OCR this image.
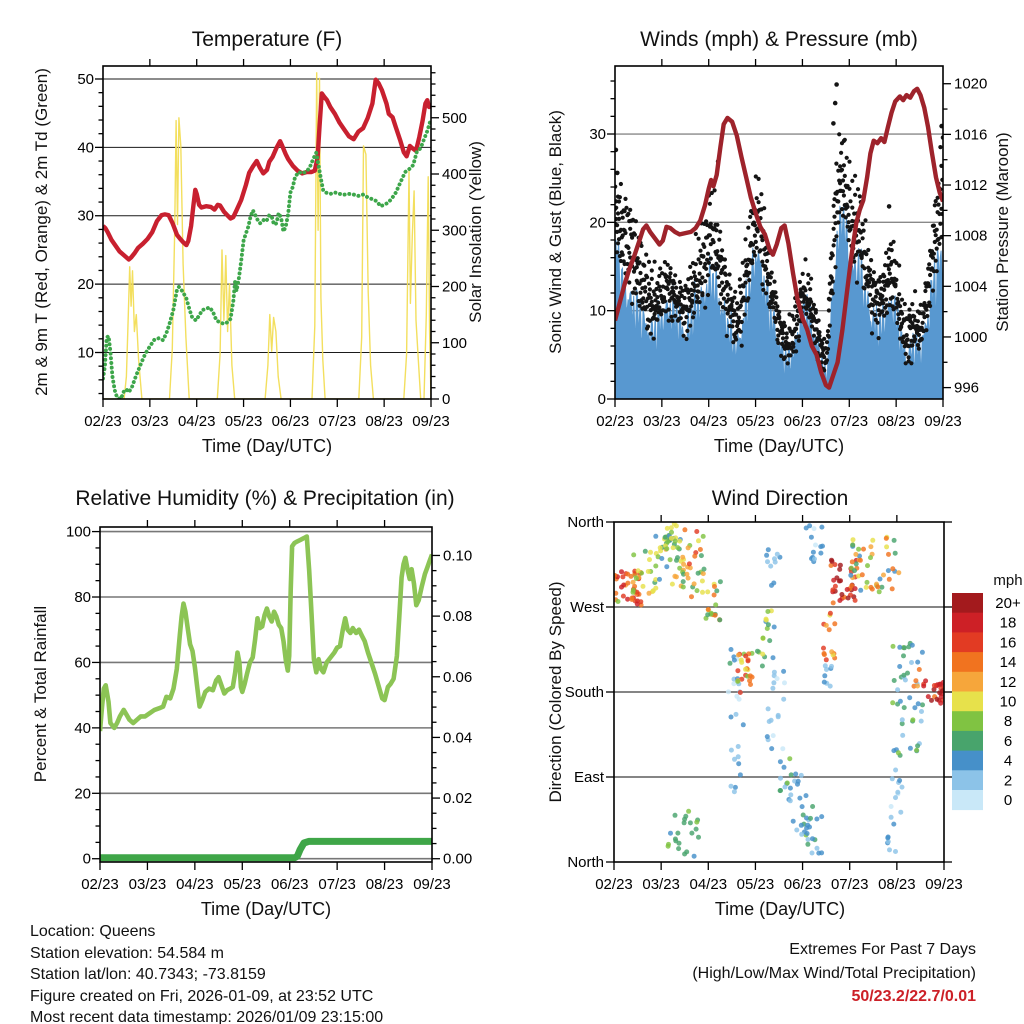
02/23 03/23 04/23 05/23 06/23 07/23 08/23 09/23
10
20
30
40
50
0
100
200
300
400
500
02/23 03/23 04/23 05/23 06/23 07/23 08/23 09/23
0
20
40
60
80
100
0.00
0.02
0.04
0.06
0.08
0.10
02/23 03/23 04/23 05/23 06/23 07/23 08/23 09/23
0
10
20
30
996
1000
1004
1008
1012
1016
1020
02/23 03/23 04/23 05/23 06/23 07/23 08/23 09/23
North
West
South
East
North
20+
18
16
14
12
10
8
6
4
2
0
Temperature (F)	Winds (mph) & Pressure (mb)
Relative Humidity (%) & Precipitation (in)	Wind Direction
Time (Day/UTC)	Time (Day/UTC)
Time (Day/UTC)	Time (Day/UTC)
2m & 9m T (Red, Orange) & 2m Td (Green)	Solar Insolation (Yellow)	Sonic Wind & Gust (Blue, Black)	Station Pressure (Maroon)
Percent & Total Rainfall	Direction (Colored By Speed)
mph
Location: Queens
Station elevation: 54.584 m
Station lat/lon: 40.7343; -73.8159
Figure created on Fri, 2026-01-09, at 23:52 UTC
Most recent data timestamp: 2026/01/09 23:15:00
Extremes For Past 7 Days
(High/Low/Max Wind/Total Precipitation)
50/23.2/22.7/0.01
